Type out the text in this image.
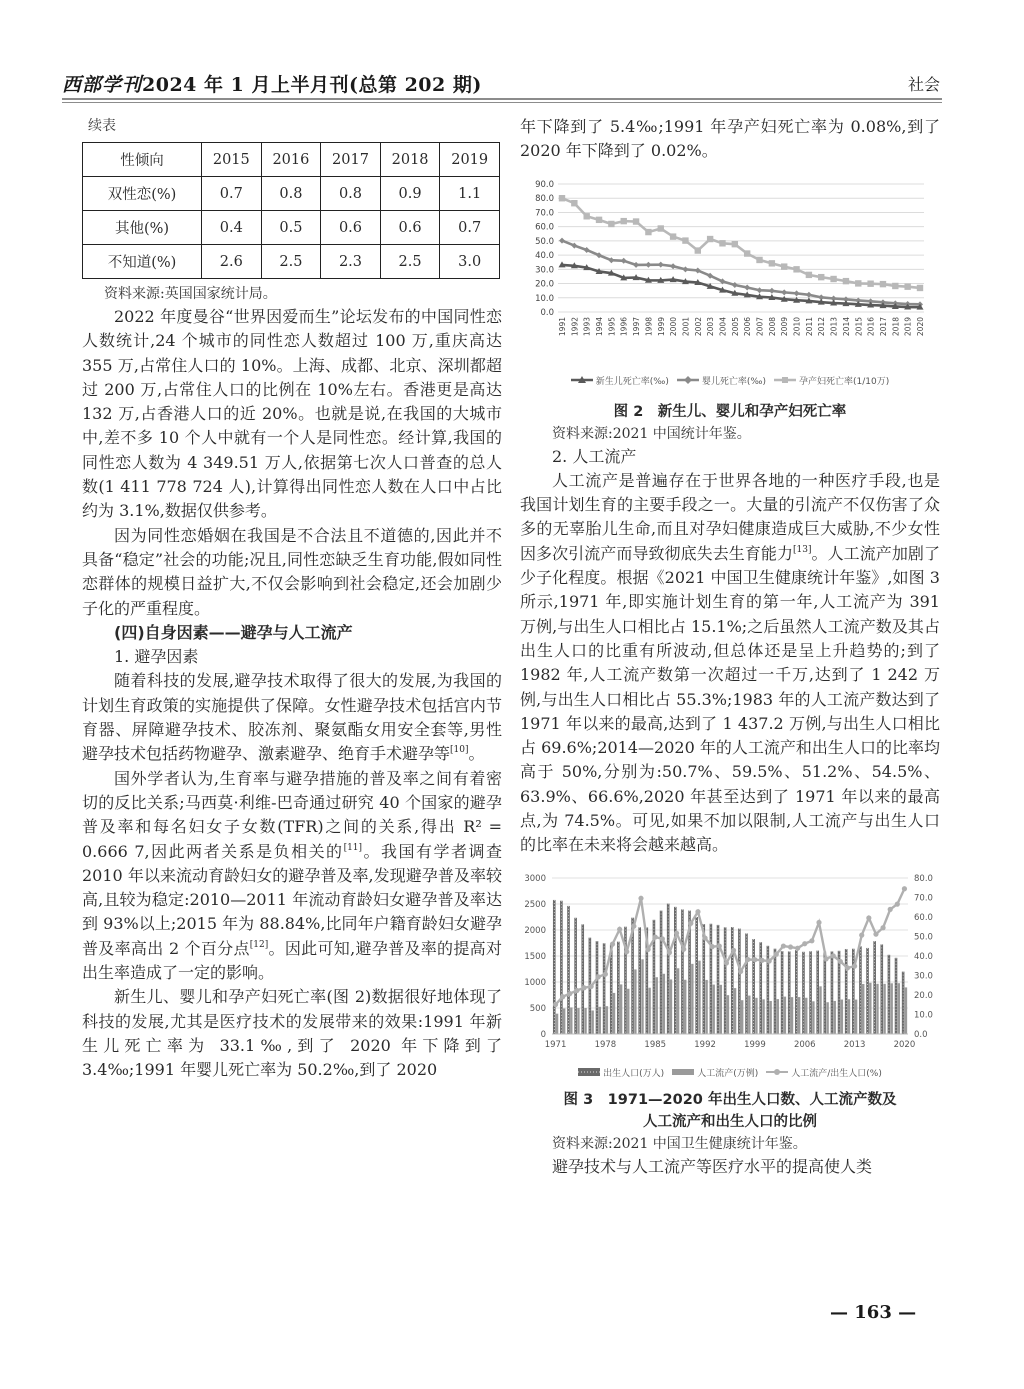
西部学刊2024 年 1 月上半月刊(总第 202 期)	社会
续表
性倾向	2015	2016	2017	2018	2019
双性恋(%)	0.7	0.8	0.8	0.9	1.1
其他(%)	0.4	0.5	0.6	0.6	0.7
不知道(%)	2.6	2.5	2.3	2.5	3.0
资料来源:英国国家统计局。

2022 年度曼谷“世界因爱而生”论坛发布的中国同性恋人数统计,24 个城市的同性恋人数超过 100 万,重庆高达 355 万,占常住人口的 10%。上海、成都、北京、深圳都超过 200 万,占常住人口的比例在 10%左右。香港更是高达 132 万,占香港人口的近 20%。也就是说,在我国的大城市中,差不多 10 个人中就有一个人是同性恋。经计算,我国的同性恋人数为 4 349.51 万人,依据第七次人口普查的总人数(1 411 778 724 人),计算得出同性恋人数在人口中占比约为 3.1%,数据仅供参考。

因为同性恋婚姻在我国是不合法且不道德的,因此并不具备“稳定”社会的功能;况且,同性恋缺乏生育功能,假如同性恋群体的规模日益扩大,不仅会影响到社会稳定,还会加剧少子化的严重程度。

(四)自身因素——避孕与人工流产
1. 避孕因素

随着科技的发展,避孕技术取得了很大的发展,为我国的计划生育政策的实施提供了保障。女性避孕技术包括宫内节育器、屏障避孕技术、胶冻剂、聚氨酯女用安全套等,男性避孕技术包括药物避孕、激素避孕、绝育手术避孕等[10]。

国外学者认为,生育率与避孕措施的普及率之间有着密切的反比关系;马西莫·利维-巴奇通过研究 40 个国家的避孕普及率和每名妇女子女数(TFR)之间的关系,得出 R² = 0.666 7,因此两者关系是负相关的[11]。我国有学者调查 2010 年以来流动育龄妇女的避孕普及率,发现避孕普及率较高,且较为稳定:2010—2011 年流动育龄妇女避孕普及率达到 93%以上;2015 年为 88.84%,比同年户籍育龄妇女避孕普及率高出 2 个百分点[12]。因此可知,避孕普及率的提高对出生率造成了一定的影响。

新生儿、婴儿和孕产妇死亡率(图 2)数据很好地体现了科技的发展,尤其是医疗技术的发展带来的效果:1991 年新生儿死亡率为 33.1‰,到了 2020 年下降到了 3.4‰;1991 年婴儿死亡率为 50.2‰,到了 2020

年下降到了 5.4‰;1991 年孕产妇死亡率为 0.08%,到了 2020 年下降到了 0.02%。

0.0
10.0
20.0
30.0
40.0
50.0
60.0
70.0
80.0
90.0
1991 1992 1993 1994 1995 1996 1997 1998 1999 2000 2001 2002 2003 2004 2005 2006 2007 2008 2009 2010 2011 2012 2013 2014 2015 2016 2017 2018 2019 2020
新生儿死亡率(‰)	婴儿死亡率(‰)	孕产妇死亡率(1/10万)
图 2　新生儿、婴儿和孕产妇死亡率
资料来源:2021 中国统计年鉴。
2. 人工流产

人工流产是普遍存在于世界各地的一种医疗手段,也是我国计划生育的主要手段之一。大量的引流产不仅伤害了众多的无辜胎儿生命,而且对孕妇健康造成巨大威胁,不少女性因多次引流产而导致彻底失去生育能力[13]。人工流产加剧了少子化程度。根据《2021 中国卫生健康统计年鉴》,如图 3 所示,1971 年,即实施计划生育的第一年,人工流产为 391 万例,与出生人口相比占 15.1%;之后虽然人工流产数及其占出生人口的比重有所波动,但总体还是呈上升趋势的;到了 1982 年,人工流产数第一次超过一千万,达到了 1 242 万例,与出生人口相比占 55.3%;1983 年的人工流产数达到了 1971 年以来的最高,达到了 1 437.2 万例,与出生人口相比占 69.6%;2014—2020 年的人工流产和出生人口的比率均高于 50%,分别为:50.7%、59.5%、51.2%、54.5%、63.9%、66.6%,2020 年甚至达到了 1971 年以来的最高点,为 74.5%。可见,如果不加以限制,人工流产与出生人口的比率在未来将会越来越高。

0
500
1000
1500
2000
2500
3000
0.0
10.0
20.0
30.0
40.0
50.0
60.0
70.0
80.0
1971	1978	1985	1992	1999	2006	2013	2020
出生人口(万人)	人工流产(万例)	人工流产/出生人口(%)
图 3　1971—2020 年出生人口数、人工流产数及
人工流产和出生人口的比例
资料来源:2021 中国卫生健康统计年鉴。

避孕技术与人工流产等医疗水平的提高使人类

— 163 —
